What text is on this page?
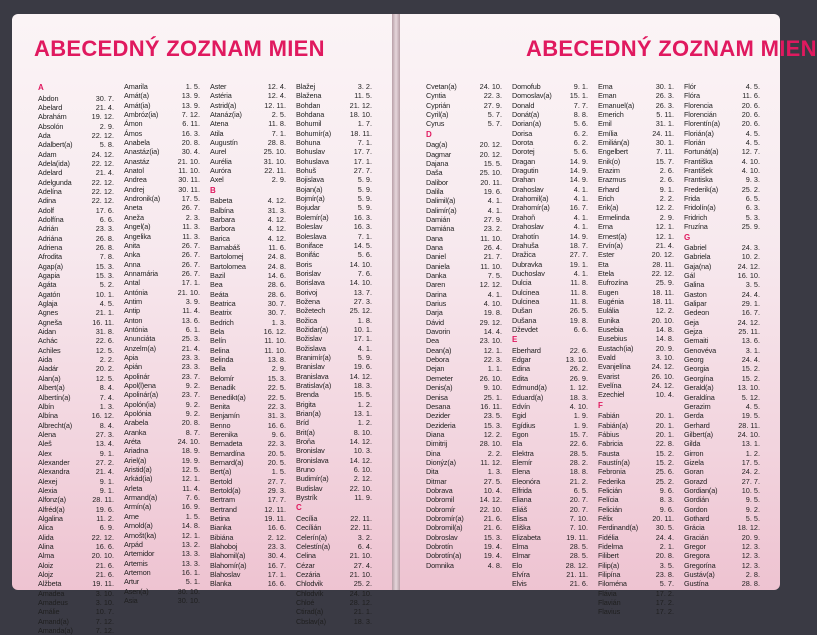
ABECEDNÝ ZOZNAM MIEN
A
Abdon	30. 7.
Abelard	21. 4.
Abrahám	19. 12.
Absolón	2. 9.
Ada	22. 12.
Adalbert(a)	5. 8.
Adam	24. 12.
Adela(ida)	22. 12.
Adelard	21. 4.
Adelgunda	22. 12.
Adelína	22. 12.
Adina	22. 12.
Adolf	17. 6.
Adolfína	6. 6.
Adrián	23. 3.
Adriána	26. 8.
Adriena	26. 8.
Afrodita	7. 8.
Agap(a)	15. 3.
Agapia	15. 3.
Agáta	5. 2.
Agatón	10. 1.
Aglaja	4. 5.
Agnes	21. 1.
Agneša	16. 11.
Aidan	31. 8.
Achác	22. 6.
Achiles	12. 5.
Aida	2. 2.
Aladár	20. 2.
Alan(a)	12. 5.
Albert(a)	8. 4.
Albertín(a)	7. 4.
Albín	1. 3.
Albína	16. 12.
Albrecht(a)	8. 4.
Alena	27. 3.
Aleš	13. 4.
Alex	9. 1.
Alexander	27. 2.
Alexandra	21. 4.
Alexej	9. 1.
Alexia	9. 1.
Alfonz(a)	28. 11.
Alfréd(a)	19. 6.
Algalina	11. 2.
Alica	6. 9.
Alida	22. 12.
Alina	16. 6.
Alma	20. 10.
Aloiz	21. 6.
Alojz	21. 6.
Alžbeta	19. 11.
Amadea	3. 10.
Amadeus	3. 10.
Amálie	10. 7.
Amand(a)	7. 12.
Amanda(a)	7. 12.
Amarila	1. 5.
Amát(a)	13. 9.
Amát(ia)	13. 9.
Ambróz(ia)	7. 12.
Ámon	6. 11.
Ámos	16. 3.
Anabela	20. 8.
Anastáz(ia)	30. 4.
Anastáz	21. 10.
Anatol	11. 10.
Andrea	30. 11.
Andrej	30. 11.
Andronik(a)	17. 5.
Aneta	26. 7.
Aneža	2. 3.
Angel(a)	11. 3.
Angelika	11. 3.
Anita	26. 7.
Anka	26. 7.
Anna	26. 7.
Annamária	26. 7.
Antal	17. 1.
Antónia	21. 10.
Antim	3. 9.
Antip	11. 4.
Anton	13. 6.
Antónia	6. 1.
Anunciáta	25. 3.
Anzelm(a)	21. 4.
Apia	23. 3.
Apián	23. 3.
Apolinár	23. 7.
Apol(l)ena	9. 2.
Apolinár(a)	23. 7.
Apolón(ia)	9. 2.
Apolónia	9. 2.
Arabela	20. 8.
Aranka	8. 7.
Aréta	24. 10.
Ariadna	18. 9.
Ariel(a)	19. 9.
Aristid(a)	12. 5.
Arkád(ia)	12. 1.
Arleta	11. 4.
Armand(a)	7. 6.
Armín(a)	16. 9.
Arne	1. 5.
Arnold(a)	14. 8.
Arnošt(ka)	12. 1.
Arpád	13. 2.
Artemidor	13. 3.
Artemis	13. 3.
Artemon	16. 1.
Artur	5. 1.
Asen(a)	30. 10.
Asia	30. 10.
Aster	12. 4.
Astéria	12. 4.
Astrid(a)	12. 11.
Atanáz(ia)	2. 5.
Atena	11. 8.
Atila	7. 1.
Augustín	28. 8.
Aurel	25. 10.
Aurélia	31. 10.
Auróra	22. 11.
Axel	2. 9.
B
Babeta	4. 12.
Balbína	31. 3.
Barbara	4. 12.
Barbora	4. 12.
Barica	4. 12.
Barnabáš	11. 6.
Bartolomej	24. 8.
Bartolomea	24. 8.
Bazil	14. 6.
Bea	28. 6.
Beáta	28. 6.
Beatrica	30. 7.
Beatrix	30. 7.
Bedrich	1. 3.
Bela	16. 12.
Belín	11. 10.
Belina	11. 10.
Belinda	13. 8.
Bella	2. 9.
Belomír	15. 3.
Benadik	22. 5.
Benedikt(a)	22. 5.
Benita	22. 3.
Benjamín	31. 3.
Benno	16. 6.
Berenika	9. 6.
Bernadeta	22. 3.
Bernardína	20. 5.
Bernard(a)	20. 5.
Bert(a)	1. 5.
Bertold	27. 7.
Bertold(a)	29. 3.
Bertram	17. 7.
Bertrand	12. 11.
Betina	19. 11.
Bianka	16. 6.
Bibiána	2. 12.
Blahoboj	23. 3.
Blahomil(a)	30. 4.
Blahomír(a)	16. 7.
Blahoslav	17. 1.
Blanka	16. 6.
Blažej	3. 2.
Blažena	11. 5.
Bohdan	21. 12.
Bohdana	18. 10.
Bohumil	1. 7.
Bohumír(a)	18. 11.
Bohuna	7. 1.
Bohuslav	17. 7.
Bohuslava	17. 1.
Bohuš	27. 7.
Bojislava	5. 9.
Bojan(a)	5. 9.
Bojmír(a)	5. 9.
Bojudar	5. 9.
Bolemír(a)	16. 3.
Boleslav	16. 3.
Boleslava	7. 1.
Boniface	14. 5.
Bonifác	5. 6.
Boris	14. 10.
Borislav	7. 6.
Borislava	14. 10.
Borivoj	13. 7.
Božena	27. 3.
Božetech	25. 12.
Božica	1. 8.
Božidar(a)	10. 1.
Božislav	17. 1.
Božislava	4. 1.
Branimír(a)	5. 9.
Branislav	19. 6.
Branislava	14. 12.
Bratislav(a)	18. 3.
Brenda	15. 5.
Brigita	1. 2.
Brian(a)	13. 1.
Bríd	1. 2.
Brit(a)	8. 10.
Broňa	14. 12.
Bronislav	10. 3.
Bronislava	14. 12.
Bruno	6. 10.
Budimír(a)	2. 12.
Budislav	22. 10.
Bystrík	11. 9.
C
Cecília	22. 11.
Cecílián	22. 11.
Celerín(a)	3. 2.
Celestín(a)	6. 4.
Celina	21. 10.
Cézar	27. 4.
Cezária	21. 10.
Chlodvik	25. 2.
Chlodvík	24. 10.
Chloé	28. 12.
Ctirad(a)	21. 1.
Cbslav(a)	18. 3.
ABECEDNÝ ZOZNAM MIEN
Cvetan(a)	24. 10.
Cyntia	22. 3.
Cyprián	27. 9.
Cyril(a)	5. 7.
Cyrus	5. 7.
D
Dag(a)	20. 12.
Dagmar	20. 12.
Dajana	15. 5.
Daša	25. 10.
Dalibor	20. 11.
Dalila	19. 6.
Dalimil(a)	4. 1.
Dalimír(a)	4. 1.
Damián	27. 9.
Damiána	23. 2.
Dana	11. 10.
Dana	26. 4.
Daniel	21. 7.
Daniela	11. 10.
Danka	7. 5.
Daren	12. 12.
Darina	4. 1.
Darius	4. 10.
Darja	19. 8.
Dávid	29. 12.
Davorin	14. 4.
Dea	23. 10.
Dean(a)	12. 1.
Debora	22. 3.
Dejan	1. 1.
Demeter	26. 10.
Denis(a)	9. 10.
Denisa	25. 1.
Desana	16. 11.
Dezider	23. 5.
Dezideria	15. 3.
Diana	12. 2.
Dimitrij	28. 10.
Dina	2. 2.
Dionýz(a)	11. 12.
Dita	1. 3.
Ditmar	27. 5.
Dobrava	10. 4.
Dobromil	14. 12.
Dobromír	22. 10.
Dobromír(a)	21. 6.
Dobromil(a)	21. 6.
Dobroslav	15. 3.
Dobrotín	19. 4.
Dobrotín(a)	19. 4.
Domnika	4. 8.
Domofub	9. 1.
Domoslav(a) 15. 1.
Donald	7. 7.
Donát(a)	8. 8.
Dorian(a)	5. 6.
Dorisa	6. 2.
Dorota	6. 2.
Dorotej	5. 6.
Dragan	14. 9.
Dragutin	14. 9.
Drahan	14. 9.
Drahoslav	4. 1.
Drahomil(a)	4. 1.
Drahomír(a)	16. 7.
Drahoň	4. 1.
Drahoslav	4. 1.
Drahotín	14. 9.
Drahuša	18. 7.
Dražica	27. 7.
Dubravka	19. 1.
Duchoslav	4. 1.
Dulcia	11. 8.
Dulcinea	11. 8.
Dulcinea	11. 8.
Dušan	26. 5.
Dušana	19. 8.
Dževdet	6. 6.
E
Eberhard	22. 6.
Edgar	13. 10.
Edina	26. 2.
Edita	26. 9.
Edmund(a)	1. 12.
Eduard(a)	18. 3.
Edvín	4. 10.
Egid	1. 9.
Egídius	1. 9.
Egon	15. 7.
Ela	22. 6.
Elektra	28. 5.
Elemír	28. 2.
Elena	18. 8.
Eleonóra	21. 2.
Elfrida	6. 5.
Eliana	20. 7.
Eliáš	20. 7.
Elisa	7. 10.
Eliška	7. 10.
Elizabeta	19. 11.
Elma	28. 5.
Elmar	28. 5.
Elo	28. 12.
Elvíra	21. 11.
Elvis	21. 6.
Ema	30. 1.
Eman	26. 3.
Emanuel(a)	26. 3.
Emerich	5. 11.
Emil	31. 1.
Emília	24. 11.
Emilián(a)	30. 1.
Engelbert	7. 11.
Enik(o)	15. 7.
Erazim	2. 6.
Erazmus	2. 6.
Erhard	9. 1.
Erich	2. 2.
Erik(a)	12. 2.
Ermelinda	2. 9.
Erna	12. 1.
Ernest(a)	12. 1.
Ervín(a)	21. 4.
Ester	20. 12.
Eta	28. 11.
Etela	22. 12.
Eufrozína	25. 9.
Eugen	18. 11.
Eugénia	18. 11.
Eulália	12. 2.
Eunika	20. 10.
Eusebia	14. 8.
Eusebius	14. 8.
Eustach(ia)	20. 9.
Evald	3. 10.
Evanjelína	24. 12.
Evarist	26. 10.
Evelína	24. 12.
Ezechiel	10. 4.
F
Fabián	20. 1.
Fabián(a)	20. 1.
Fábius	20. 1.
Fabricia	22. 8.
Fausta	15. 2.
Faustín(a)	15. 2.
Febronia	25. 6.
Federika	25. 2.
Felicián	9. 6.
Felícia	8. 3.
Felicián	9. 6.
Félix	20. 11.
Ferdinand(a) 30. 5.
Fidélia	24. 4.
Fidelma	2. 1.
Filibert	20. 8.
Filip(a)	3. 5.
Filipína	23. 8.
Filoména	5. 7.
Flávia	17. 2.
Flavián	17. 2.
Flavius	17. 2.
Flór	4. 5.
Flóra	11. 6.
Florencia	20. 6.
Florencián	20. 6.
Florentín(a)	20. 6.
Florián(a)	4. 5.
Florián	4. 5.
Fortunát(a)	12. 7.
Františka	4. 10.
František	4. 10.
Frantiska	9. 3.
Frederik(a)	25. 2.
Frida	6. 5.
Fridolín(a)	6. 3.
Fridrich	5. 3.
Fruzína	25. 9.
G
Gabriel	24. 3.
Gabriela	10. 2.
Gaja(na)	24. 12.
Gál	16. 10.
Galina	3. 5.
Gaston	24. 4.
Galipar	29. 1.
Gedeon	16. 7.
Geja	24. 12.
Gejza	25. 11.
Gemaiti	13. 6.
Genovéva	3. 1.
Georg	24. 4.
Georgia	15. 2.
Georgína	15. 2.
Gerald(a)	13. 10.
Geraldína	5. 12.
Gerazim	4. 5.
Gerda	19. 5.
Gerhard	28. 11.
Gilbert(a)	24. 10.
Gilda	13. 1.
Girron	1. 2.
Gizela	17. 5.
Goran	24. 2.
Gorazd	27. 7.
Gordian(a)	10. 5.
Gordián	9. 5.
Gordon	9. 2.
Gothard	5. 5.
Grácia	18. 12.
Gracián	20. 9.
Gregor	12. 3.
Gregora	12. 3.
Gregorína	12. 3.
Gustáv(a)	2. 8.
Gustína	28. 8.
